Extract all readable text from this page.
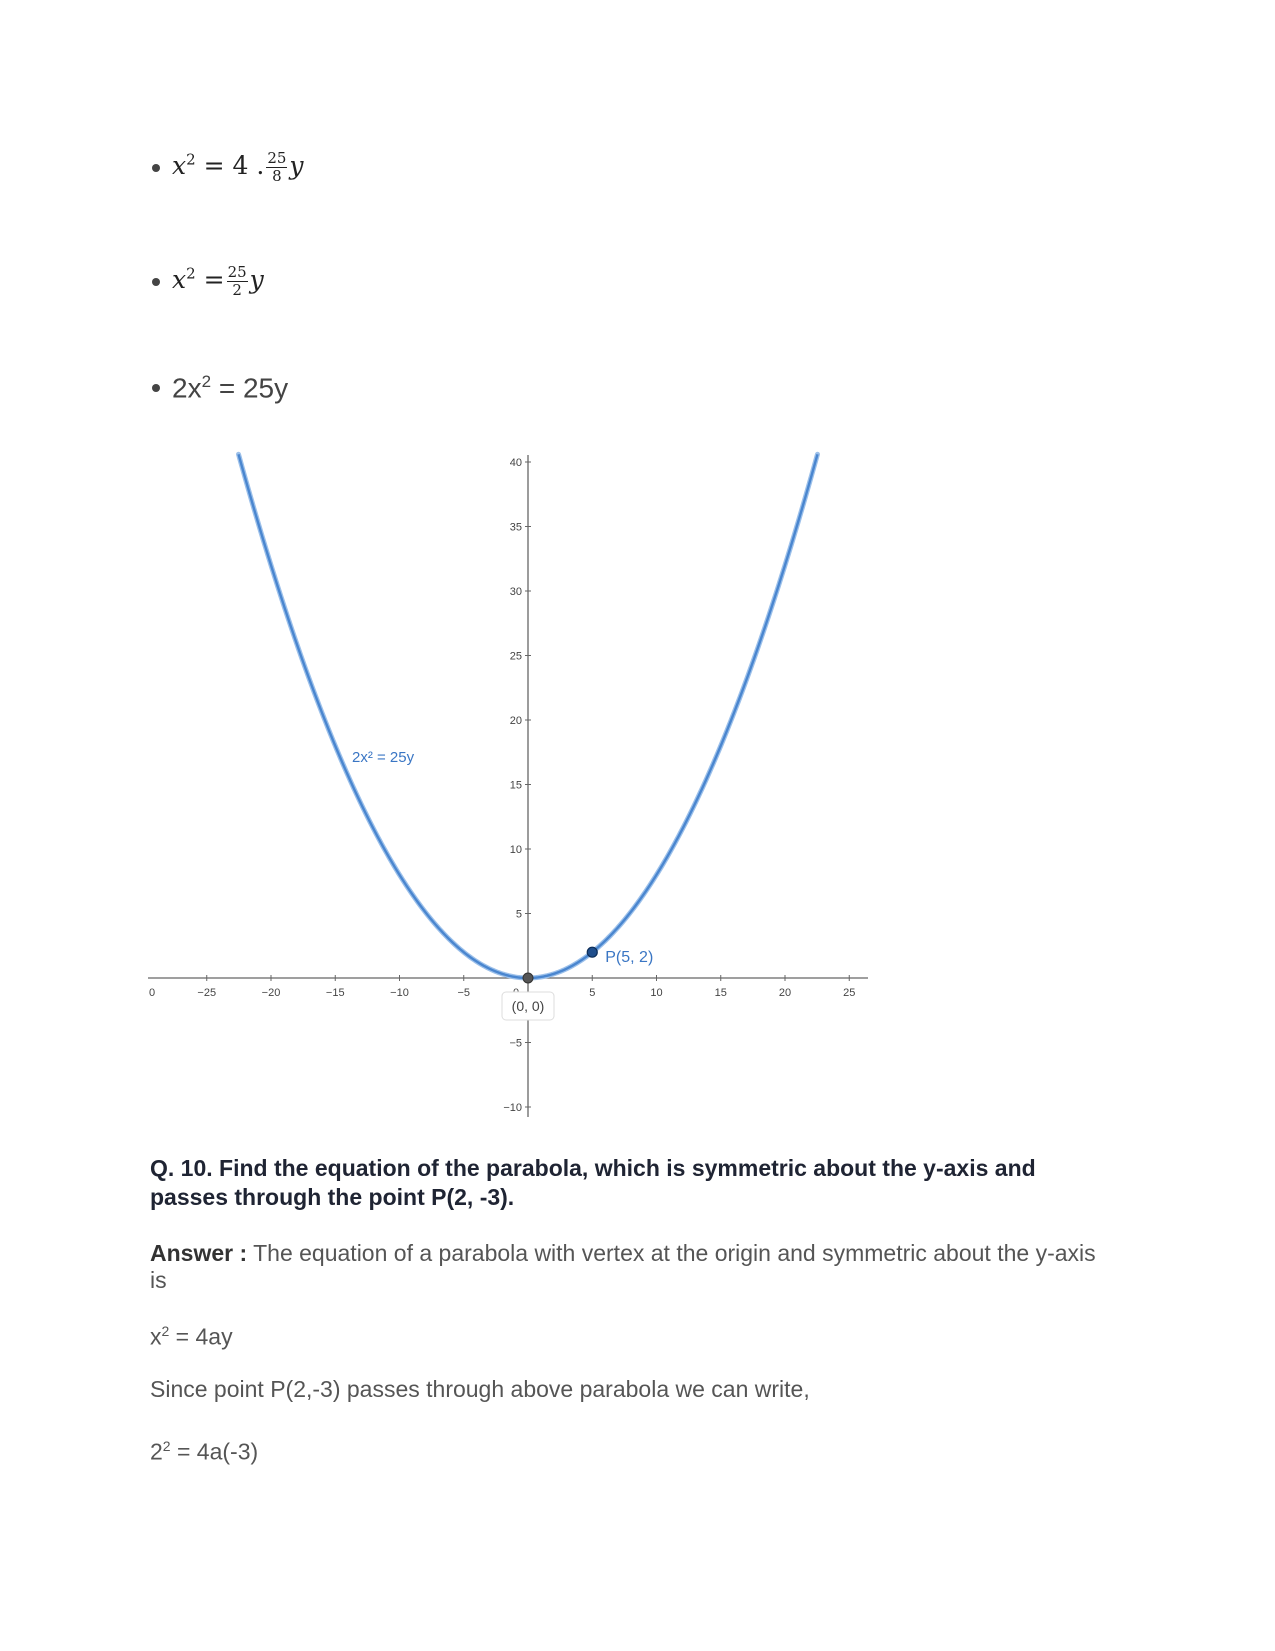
$x^2 = 4$ . $\frac{25}{8}$ y
$x^2 = \frac{25}{2}$ y
$2x^2 = 25y$
0	−25	−20	−15	−10	−5	5	10	15	20	25
40
35
30
25
20
15
10
5
−5
−10
2x² = 25y
P(5, 2)
(0, 0)
Q. 10. Find the equation of the parabola, which is symmetric about the y-axis and passes through the point P(2, -3).
Answer : The equation of a parabola with vertex at the origin and symmetric about the y-axis is
$x^2 = 4ay$
Since point P(2,-3) passes through above parabola we can write,
$2^2 = 4a(-3)$
